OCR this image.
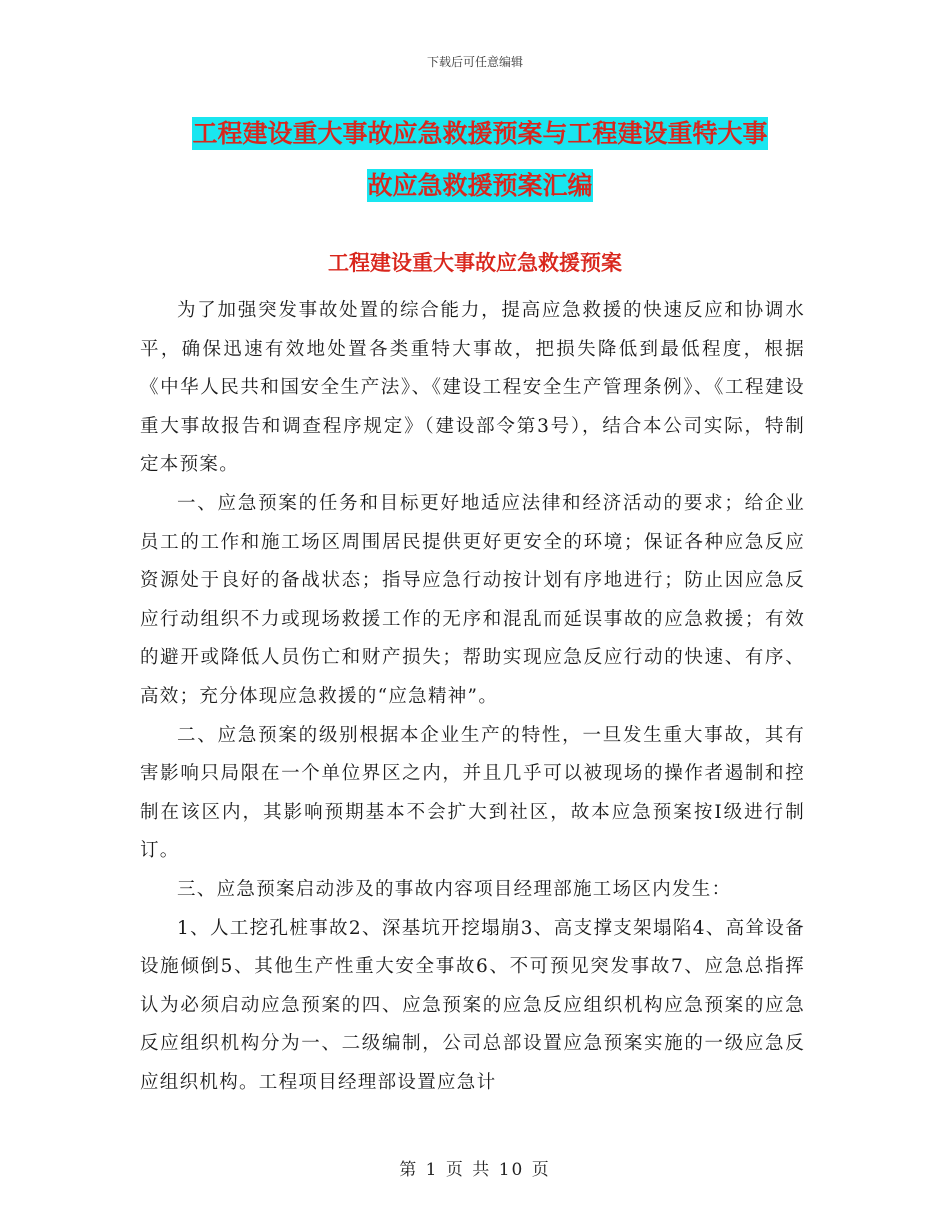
下载后可任意编辑
工程建设重大事故应急救援预案与工程建设重特大事
故应急救援预案汇编
工程建设重大事故应急救援预案

为了加强突发事故处置的综合能力，提高应急救援的快速反应和协调水平，确保迅速有效地处置各类重特大事故，把损失降低到最低程度，根据《中华人民共和国安全生产法》、《建设工程安全生产管理条例》、《工程建设重大事故报告和调查程序规定》（建设部令第3号），结合本公司实际，特制定本预案。

一、应急预案的任务和目标更好地适应法律和经济活动的要求；给企业员工的工作和施工场区周围居民提供更好更安全的环境；保证各种应急反应资源处于良好的备战状态；指导应急行动按计划有序地进行；防止因应急反应行动组织不力或现场救援工作的无序和混乱而延误事故的应急救援；有效的避开或降低人员伤亡和财产损失；帮助实现应急反应行动的快速、有序、高效；充分体现应急救援的“应急精神”。

二、应急预案的级别根据本企业生产的特性，一旦发生重大事故，其有害影响只局限在一个单位界区之内，并且几乎可以被现场的操作者遏制和控制在该区内，其影响预期基本不会扩大到社区，故本应急预案按Ⅰ级进行制订。

三、应急预案启动涉及的事故内容项目经理部施工场区内发生：

1、人工挖孔桩事故2、深基坑开挖塌崩3、高支撑支架塌陷4、高耸设备设施倾倒5、其他生产性重大安全事故6、不可预见突发事故7、应急总指挥认为必须启动应急预案的四、应急预案的应急反应组织机构应急预案的应急反应组织机构分为一、二级编制，公司总部设置应急预案实施的一级应急反应组织机构。工程项目经理部设置应急计

第 1 页 共 10 页
